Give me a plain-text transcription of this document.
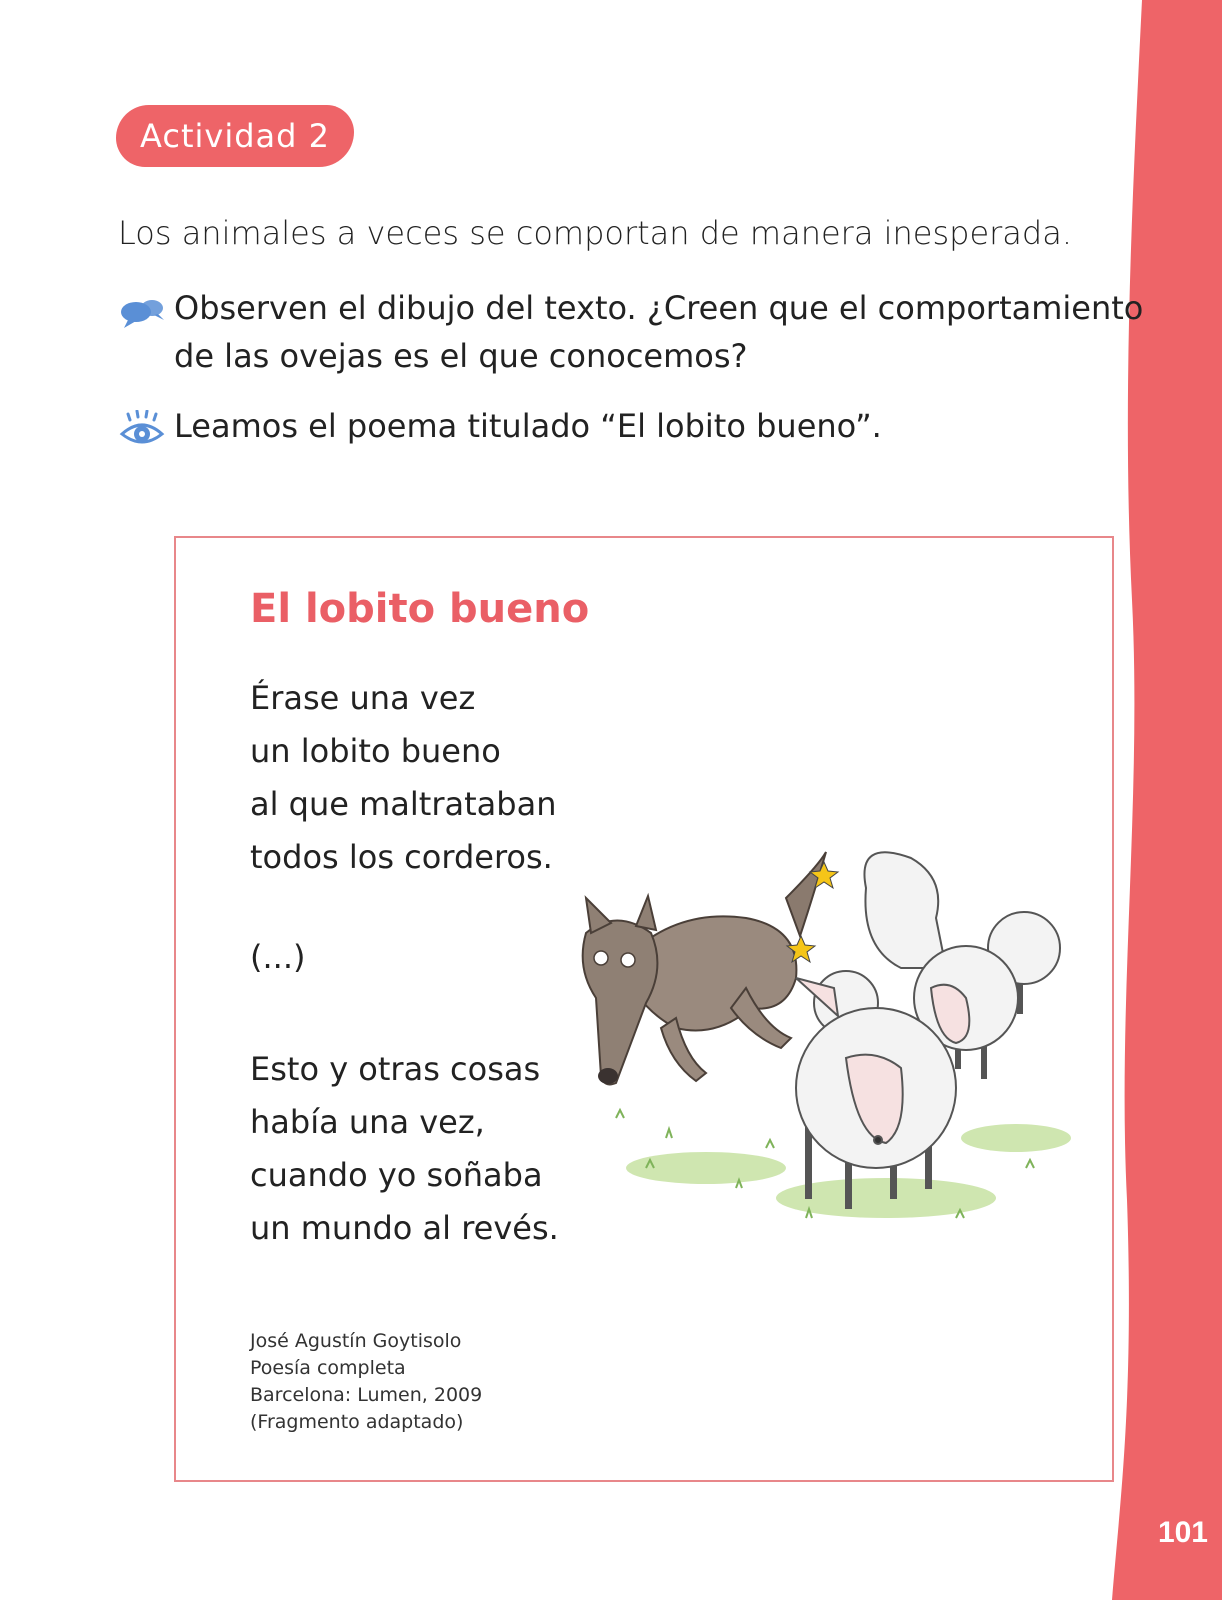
101
Actividad 2

Los animales a veces se comportan de manera inesperada.

Observen el dibujo del texto. ¿Creen que el comportamiento
de las ovejas es el que conocemos?

Leamos el poema titulado “El lobito bueno”.

El lobito bueno

Érase una vez
un lobito bueno
al que maltrataban
todos los corderos.

(...)

Esto y otras cosas
había una vez,
cuando yo soñaba
un mundo al revés.

José Agustín Goytisolo
Poesía completa
Barcelona: Lumen, 2009
(Fragmento adaptado)
